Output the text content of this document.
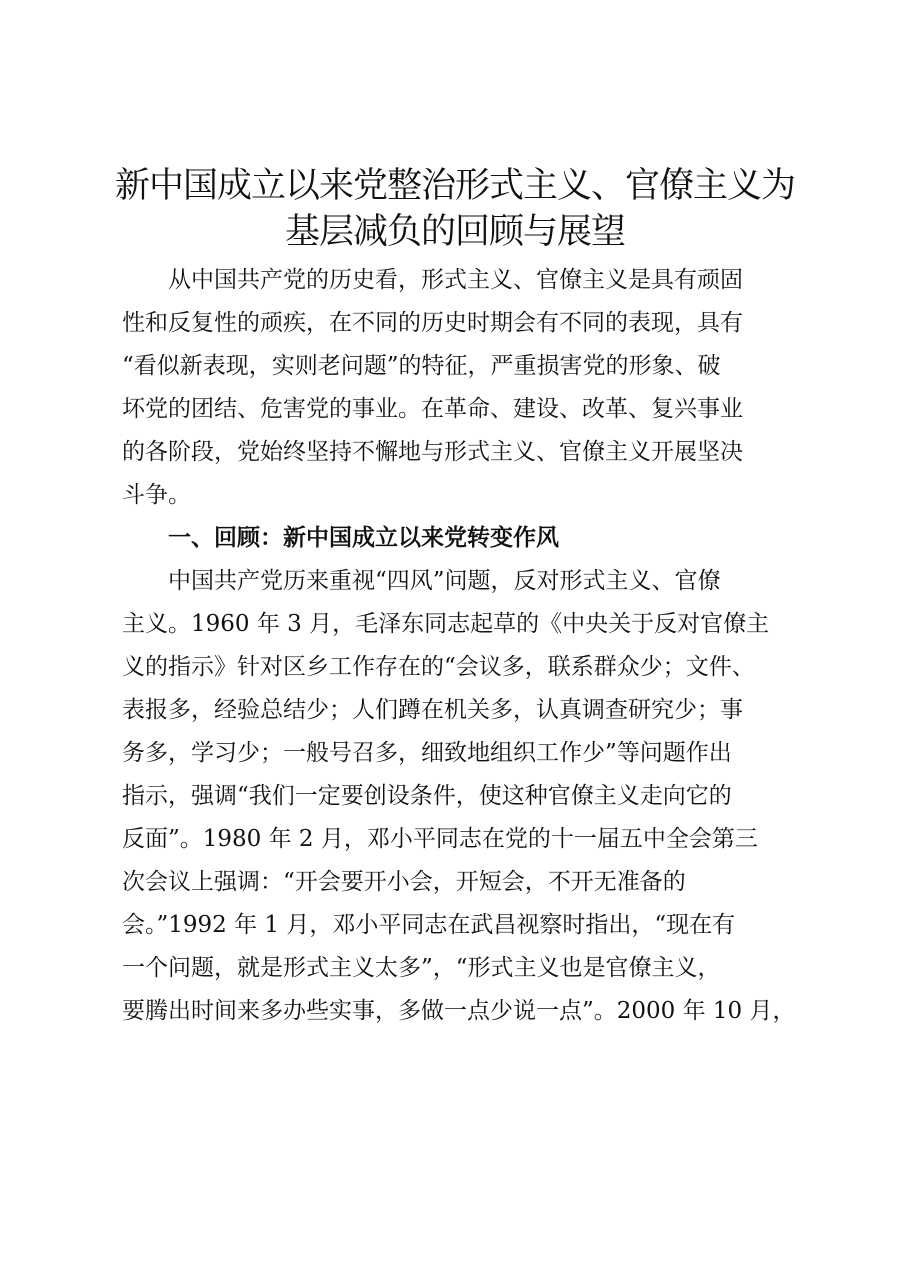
新中国成立以来党整治形式主义、官僚主义为
基层减负的回顾与展望

　　从中国共产党的历史看，形式主义、官僚主义是具有顽固

性和反复性的顽疾，在不同的历史时期会有不同的表现，具有

“看似新表现，实则老问题”的特征，严重损害党的形象、破

坏党的团结、危害党的事业。在革命、建设、改革、复兴事业

的各阶段，党始终坚持不懈地与形式主义、官僚主义开展坚决

斗争。

一、回顾：新中国成立以来党转变作风

　　中国共产党历来重视“四风”问题，反对形式主义、官僚

主义。1960 年 3 月，毛泽东同志起草的《中央关于反对官僚主

义的指示》针对区乡工作存在的“会议多，联系群众少；文件、

表报多，经验总结少；人们蹲在机关多，认真调查研究少；事

务多，学习少；一般号召多，细致地组织工作少”等问题作出

指示，强调“我们一定要创设条件，使这种官僚主义走向它的

反面”。1980 年 2 月，邓小平同志在党的十一届五中全会第三

次会议上强调：“开会要开小会，开短会，不开无准备的

会。”1992 年 1 月，邓小平同志在武昌视察时指出，“现在有

一个问题，就是形式主义太多”，“形式主义也是官僚主义，

要腾出时间来多办些实事，多做一点少说一点”。2000 年 10 月，
